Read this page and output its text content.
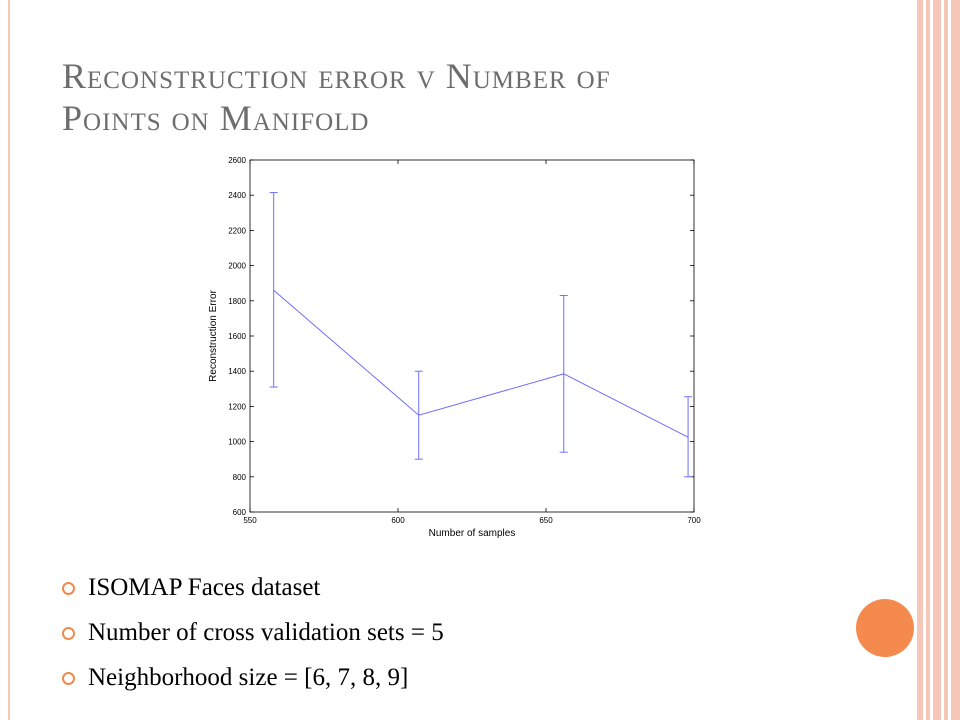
Reconstruction error v Number of
Points on Manifold
600
800
1000
1200
1400
1600
1800
2000
2200
2400
2600
550	600	650	700
Number of samples
Reconstruction Error
ISOMAP Faces dataset
Number of cross validation sets = 5
Neighborhood size = [6, 7, 8, 9]
